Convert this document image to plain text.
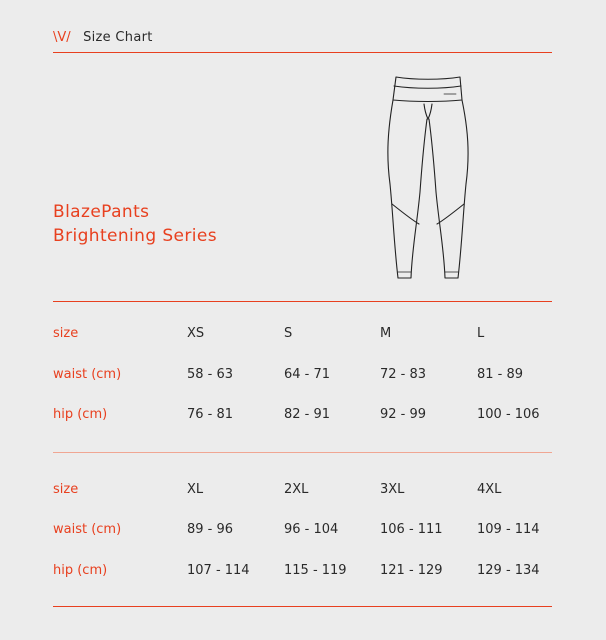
\V/ Size Chart
BlazePants
Brightening Series
size	XS	S	M	L
waist (cm)	58 - 63	64 - 71	72 - 83	81 - 89
hip (cm)	76 - 81	82 - 91	92 - 99	100 - 106
size	XL	2XL	3XL	4XL
waist (cm)	89 - 96	96 - 104	106 - 111	109 - 114
hip (cm)	107 - 114	115 - 119	121 - 129	129 - 134
